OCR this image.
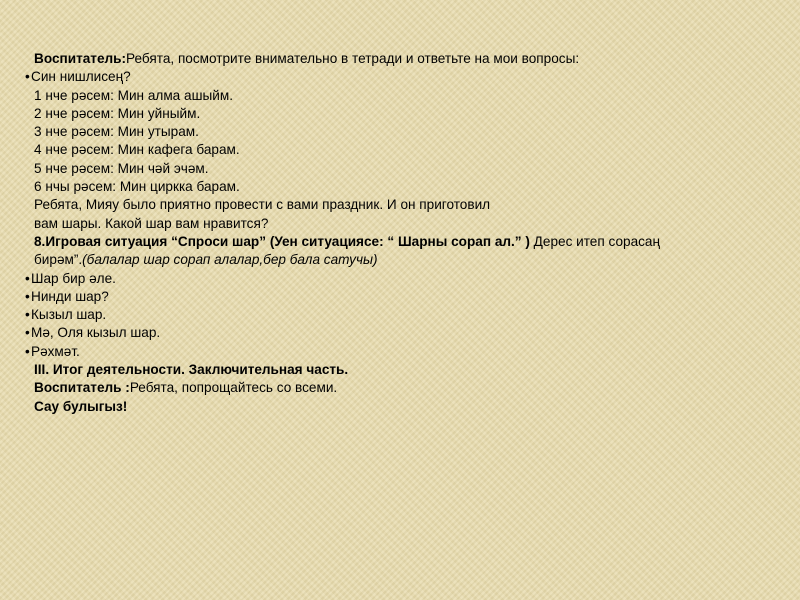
Воспитатель:Ребята, посмотрите внимательно в тетради и ответьте на мои вопросы:
• Син нишлисең?
1 нче рәсем: Мин алма ашыйм.
2 нче рәсем: Мин уйныйм.
3 нче рәсем: Мин утырам.
4 нче рәсем: Мин кафега барам.
5 нче рәсем: Мин чәй эчәм.
6 нчы рәсем: Мин циркка барам.
Ребята, Мияу было приятно провести с вами праздник. И он приготовил
вам шары. Какой шар вам нравится?
8.Игровая ситуация “Спроси шар” (Уен ситуациясе: “ Шарны сорап ал.” ) Дерес итеп сорасаң
бирәм”.(балалар шар сорап алалар,бер бала сатучы)
• Шар бир әле.
• Нинди шар?
• Кызыл шар.
• Мә, Оля кызыл шар.
• Рәхмәт.
III. Итог деятельности. Заключительная часть.
Воспитатель :Ребята, попрощайтесь со всеми.
Сау булыгыз!
